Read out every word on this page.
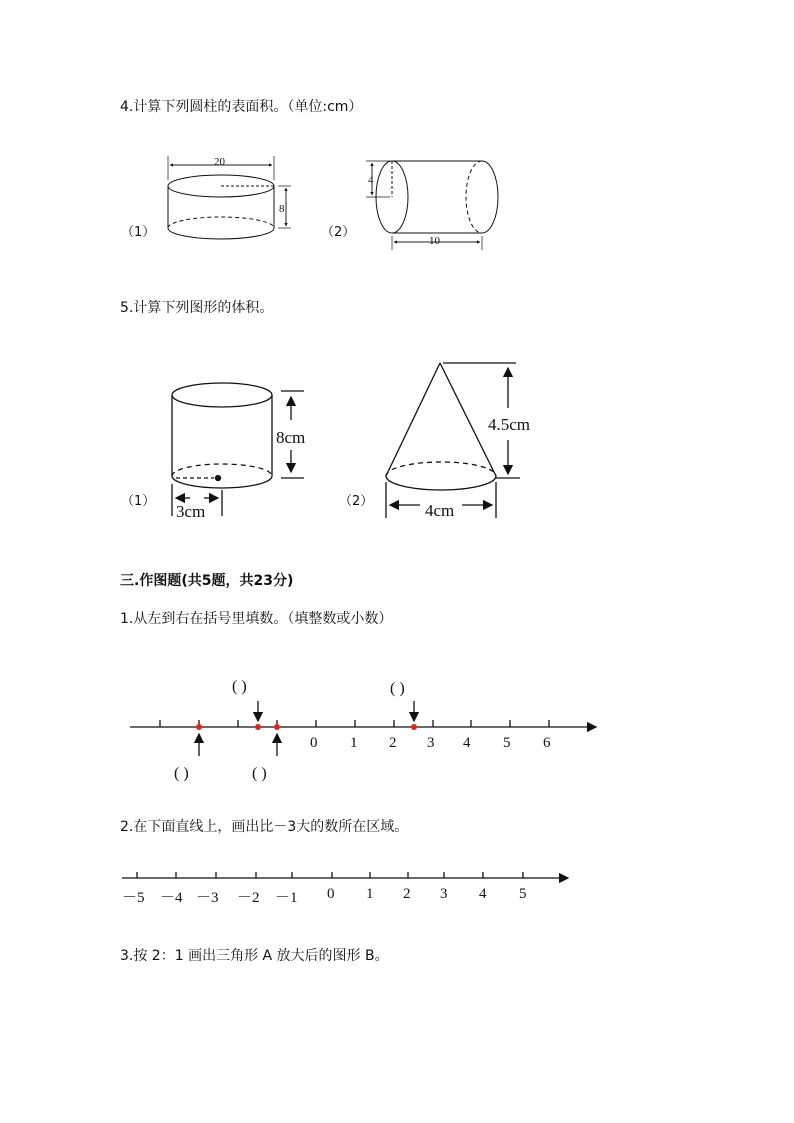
4.计算下列圆柱的表面积。（单位:cm）
（1）
20
8
（2）
4
10
5.计算下列图形的体积。
（1）
8cm
3cm
（2）
4.5cm
4cm
三.作图题(共5题，共23分)
1.从左到右在括号里填数。（填整数或小数）
( )	( )
( )	( )
0 1 2 3 4 5 6
2.在下面直线上，画出比－3大的数所在区域。
－5 －4 －3 －2 －1 0 1 2 3 4 5
3.按 2：1 画出三角形 A 放大后的图形 B。
